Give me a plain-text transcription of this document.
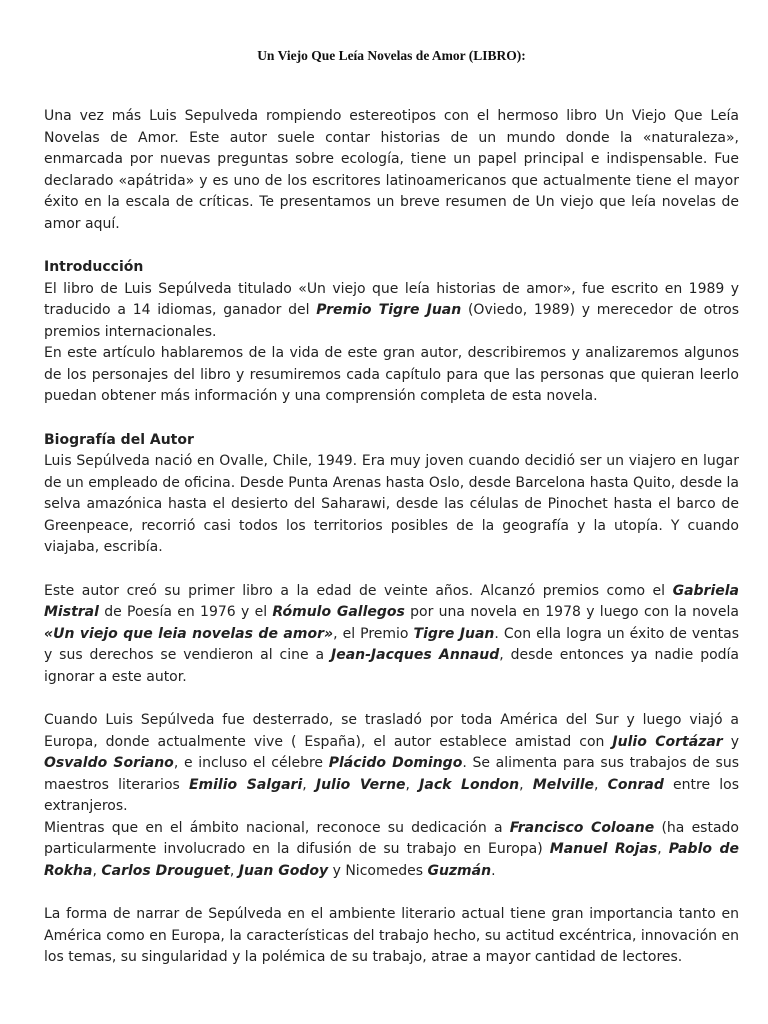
Un Viejo Que Leía Novelas de Amor (LIBRO):

Una vez más Luis Sepulveda rompiendo estereotipos con el hermoso libro Un Viejo Que Leía Novelas de Amor. Este autor suele contar historias de un mundo donde la «naturaleza», enmarcada por nuevas preguntas sobre ecología, tiene un papel principal e indispensable. Fue declarado «apátrida» y es uno de los escritores latinoamericanos que actualmente tiene el mayor éxito en la escala de críticas. Te presentamos un breve resumen de Un viejo que leía novelas de amor aquí.

Introducción

El libro de Luis Sepúlveda titulado «Un viejo que leía historias de amor», fue escrito en 1989 y traducido a 14 idiomas, ganador del Premio Tigre Juan (Oviedo, 1989) y merecedor de otros premios internacionales.

En este artículo hablaremos de la vida de este gran autor, describiremos y analizaremos algunos de los personajes del libro y resumiremos cada capítulo para que las personas que quieran leerlo puedan obtener más información y una comprensión completa de esta novela.

Biografía del Autor

Luis Sepúlveda nació en Ovalle, Chile, 1949. Era muy joven cuando decidió ser un viajero en lugar de un empleado de oficina. Desde Punta Arenas hasta Oslo, desde Barcelona hasta Quito, desde la selva amazónica hasta el desierto del Saharawi, desde las células de Pinochet hasta el barco de Greenpeace, recorrió casi todos los territorios posibles de la geografía y la utopía. Y cuando viajaba, escribía.

Este autor creó su primer libro a la edad de veinte años. Alcanzó premios como el Gabriela Mistral de Poesía en 1976 y el Rómulo Gallegos por una novela en 1978 y luego con la novela «Un viejo que leia novelas de amor», el Premio Tigre Juan. Con ella logra un éxito de ventas y sus derechos se vendieron al cine a Jean-Jacques Annaud, desde entonces ya nadie podía ignorar a este autor.

Cuando Luis Sepúlveda fue desterrado, se trasladó por toda América del Sur y luego viajó a Europa, donde actualmente vive ( España), el autor establece amistad con Julio Cortázar y Osvaldo Soriano, e incluso el célebre Plácido Domingo. Se alimenta para sus trabajos de sus maestros literarios Emilio Salgari, Julio Verne, Jack London, Melville, Conrad entre los extranjeros.

Mientras que en el ámbito nacional, reconoce su dedicación a Francisco Coloane (ha estado particularmente involucrado en la difusión de su trabajo en Europa) Manuel Rojas, Pablo de Rokha, Carlos Drouguet, Juan Godoy y Nicomedes Guzmán.

La forma de narrar de Sepúlveda en el ambiente literario actual tiene gran importancia tanto en América como en Europa, la características del trabajo hecho, su actitud excéntrica, innovación en los temas, su singularidad y la polémica de su trabajo, atrae a mayor cantidad de lectores.
